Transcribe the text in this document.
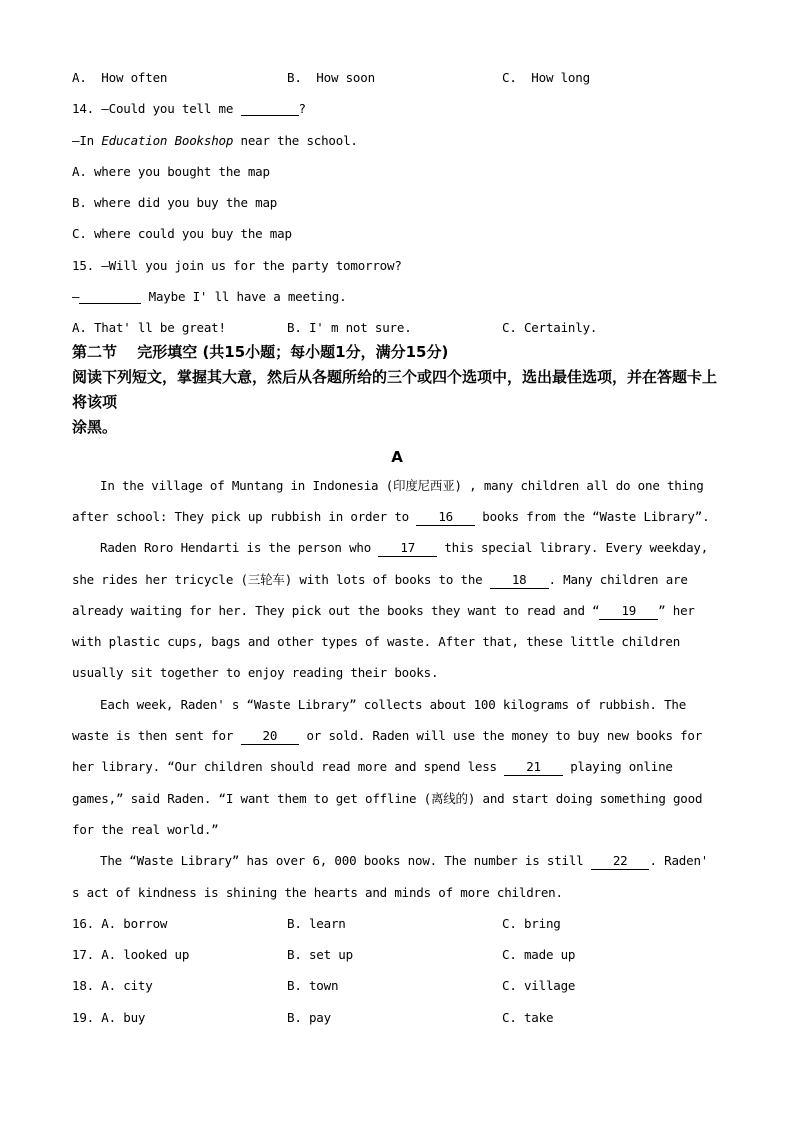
A.  How often	B.  How soon	C.  How long

14. —Could you tell me	?

—In Education Bookshop near the school.

A. where you bought the map

B. where did you buy the map

C. where could you buy the map

15. —Will you join us for the party tomorrow?

—	Maybe I' ll have a meeting.

A. That' ll be great!	B. I' m not sure.	C. Certainly.

第二节　 完形填空 (共15小题；每小题1分，满分15分)

阅读下列短文，掌握其大意，然后从各题所给的三个或四个选项中，选出最佳选项，并在答题卡上将该项

涂黑。

A

In the village of Muntang in Indonesia (印度尼西亚) , many children all do one thing after school: They pick up rubbish in order to 16 books from the “Waste Library”.

Raden Roro Hendarti is the person who 17 this special library. Every weekday, she rides her tricycle (三轮车) with lots of books to the 18 . Many children are already waiting for her. They pick out the books they want to read and “ 19 ” her with plastic cups, bags and other types of waste. After that, these little children usually sit together to enjoy reading their books.

Each week, Raden' s “Waste Library” collects about 100 kilograms of rubbish. The waste is then sent for 20 or sold. Raden will use the money to buy new books for her library. “Our children should read more and spend less 21 playing online games,” said Raden. “I want them to get offline (离线的) and start doing something good for the real world.”

The “Waste Library” has over 6, 000 books now. The number is still 22 . Raden' s act of kindness is shining the hearts and minds of more children.

16. A. borrow	B. learn	C. bring

17. A. looked up	B. set up	C. made up

18. A. city	B. town	C. village

19. A. buy	B. pay	C. take
